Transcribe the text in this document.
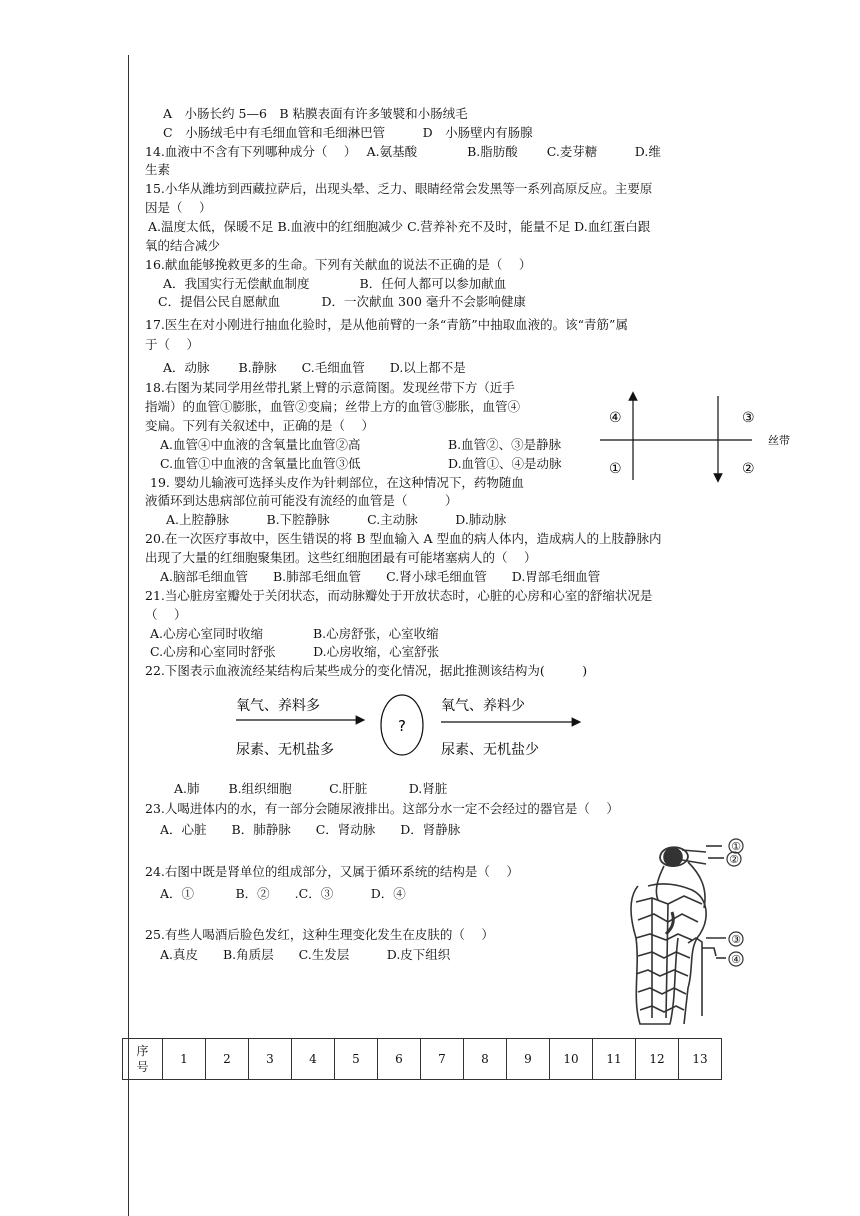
A　小肠长约 5—6　B 粘膜表面有许多皱襞和小肠绒毛
C　小肠绒毛中有毛细血管和毛细淋巴管　　　D　小肠壁内有肠腺
14.血液中不含有下列哪种成分（　 ）　 A.氨基酸　　　　B.脂肪酸　　 C.麦芽糖　　　D.维
生素
15.小华从潍坊到西藏拉萨后，出现头晕、乏力、眼睛经常会发黑等一系列高原反应。主要原
因是（　 ）
A.温度太低，保暖不足 B.血液中的红细胞减少 C.营养补充不及时，能量不足 D.血红蛋白跟
氧的结合减少
16.献血能够挽救更多的生命。下列有关献血的说法不正确的是（　 ）
A．我国实行无偿献血制度　　　　B．任何人都可以参加献血
C．提倡公民自愿献血　　　 D．一次献血 300 毫升不会影响健康
17.医生在对小刚进行抽血化验时，是从他前臂的一条“青筋”中抽取血液的。该“青筋”属
于（　 ）
A．动脉　　 B.静脉　　C.毛细血管　　D.以上都不是
18.右图为某同学用丝带扎紧上臂的示意简图。发现丝带下方（近手
指端）的血管①膨胀，血管②变扁；丝带上方的血管③膨胀，血管④
变扁。下列有关叙述中，正确的是（　 ）
A.血管④中血液的含氧量比血管②高	B.血管②、③是静脉
C.血管①中血液的含氧量比血管③低	D.血管①、④是动脉
④
①
③
②
丝带
19. 婴幼儿输液可选择头皮作为针刺部位，在这种情况下，药物随血
液循环到达患病部位前可能没有流经的血管是（　　　）
A.上腔静脉　　　B.下腔静脉　　　C.主动脉　　　D.肺动脉
20.在一次医疗事故中，医生错误的将 B 型血输入 A 型血的病人体内，造成病人的上肢静脉内
出现了大量的红细胞聚集团。这些红细胞团最有可能堵塞病人的（　 ）
A.脑部毛细血管　　B.肺部毛细血管　　C.肾小球毛细血管　　D.胃部毛细血管
21.当心脏房室瓣处于关闭状态，而动脉瓣处于开放状态时，心脏的心房和心室的舒缩状况是
（　 ）
A.心房心室同时收缩　　　　B.心房舒张，心室收缩
C.心房和心室同时舒张　　　D.心房收缩，心室舒张
22.下图表示血液流经某结构后某些成分的变化情况，据此推测该结构为(　　　)
氧气、养料多
尿素、无机盐多
?
氧气、养料少
尿素、无机盐少
A.肺　　 B.组织细胞　　　C.肝脏　　　 D.肾脏
23.人喝进体内的水，有一部分会随尿液排出。这部分水一定不会经过的器官是（　 ）
A．心脏　　B．肺静脉　　C．肾动脉　　D．肾静脉
24.右图中既是肾单位的组成部分，又属于循环系统的结构是（　 ）
A．①　　　 B．②　　.C．③　　　D．④
25.有些人喝酒后脸色发红，这种生理变化发生在皮肤的（　 ）
A.真皮　　B.角质层　　C.生发层　　　D.皮下组织
①
②
③
④
序号	1	2	3	4	5	6	7	8	9	10	11	12	13
